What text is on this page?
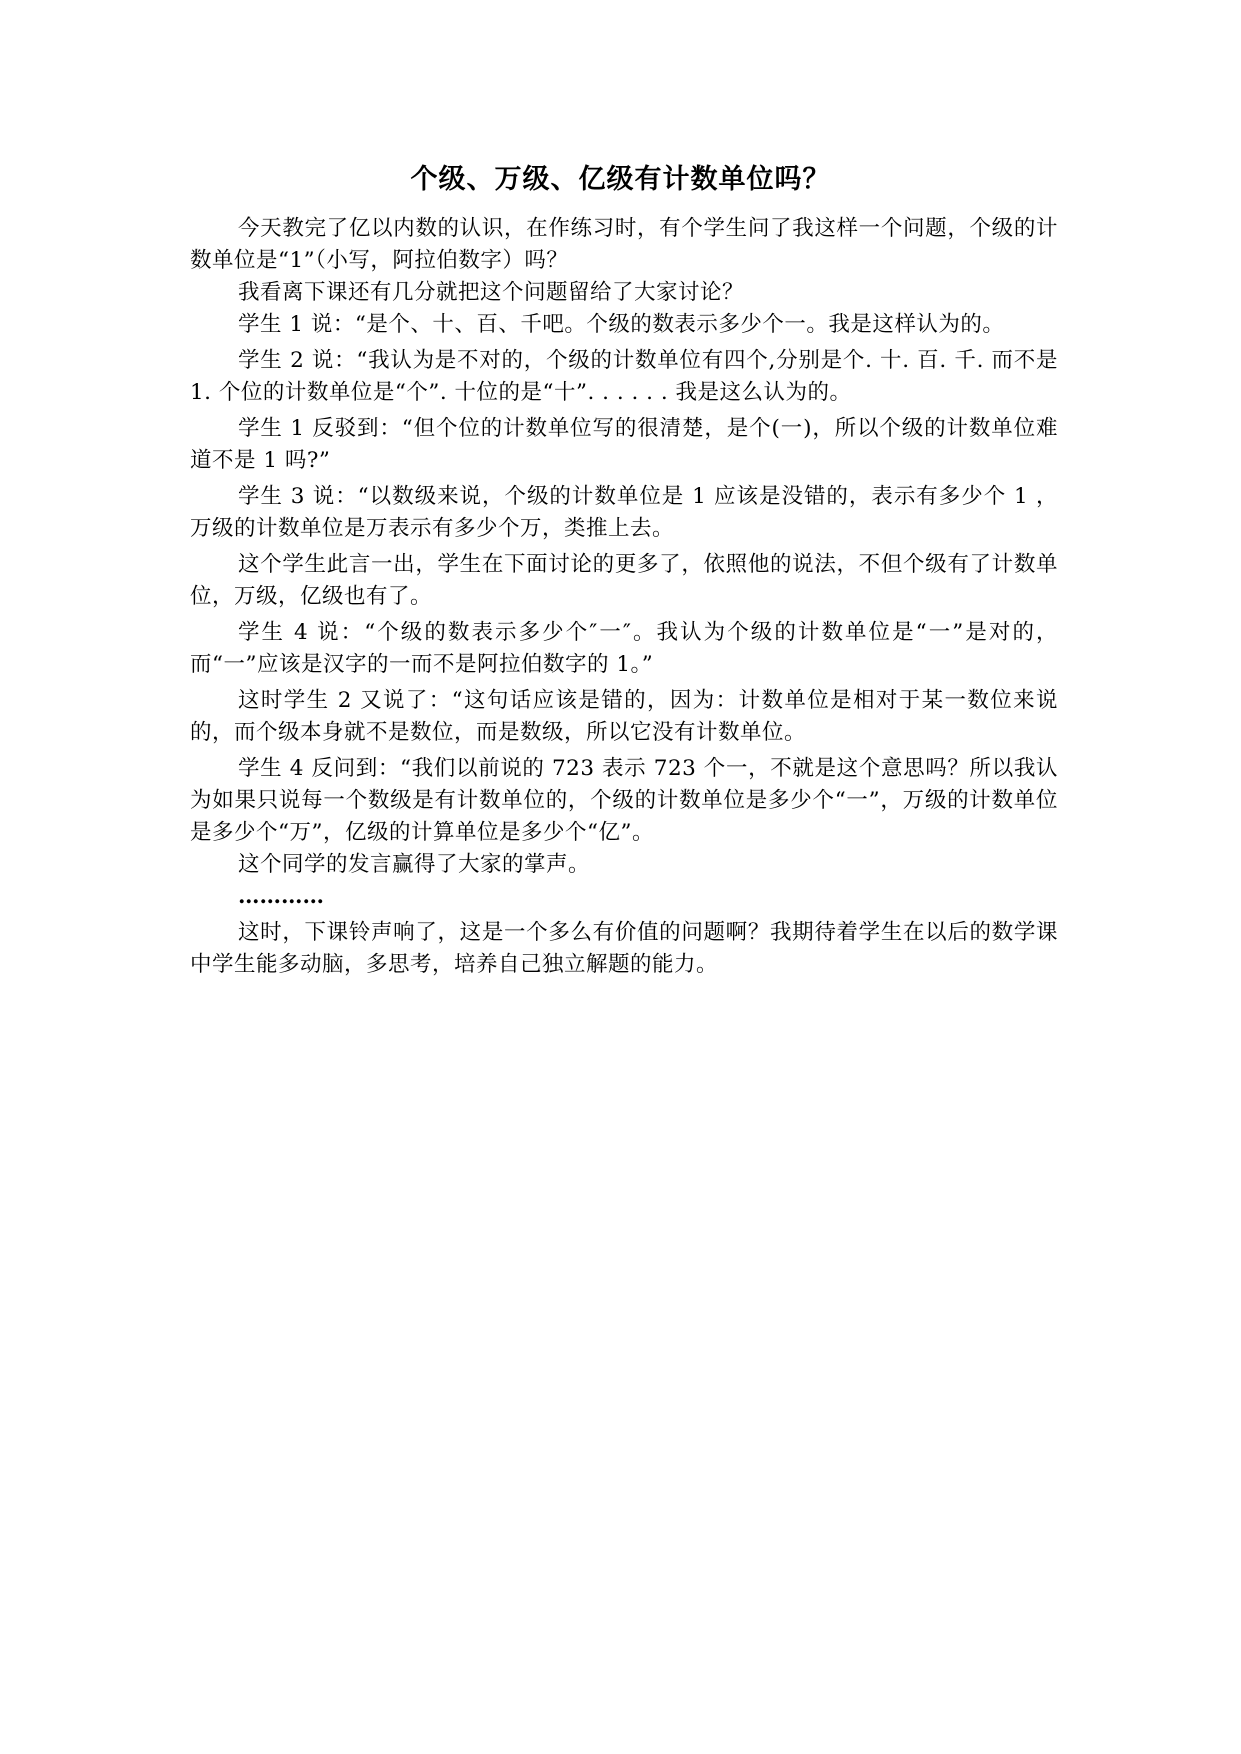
个级、万级、亿级有计数单位吗？

今天教完了亿以内数的认识，在作练习时，有个学生问了我这样一个问题，个级的计数单位是“1”（小写，阿拉伯数字）吗？

我看离下课还有几分就把这个问题留给了大家讨论？

学生 1 说：“是个、十、百、千吧。个级的数表示多少个一。我是这样认为的。

学生 2 说：“我认为是不对的，个级的计数单位有四个,分别是个. 十. 百. 千. 而不是 1. 个位的计数单位是“个”. 十位的是“十”. . . . . . 我是这么认为的。

学生 1 反驳到：“但个位的计数单位写的很清楚，是个(一)，所以个级的计数单位难道不是 1 吗?”

学生 3 说：“以数级来说，个级的计数单位是 1 应该是没错的，表示有多少个 1 ，万级的计数单位是万表示有多少个万，类推上去。

这个学生此言一出，学生在下面讨论的更多了，依照他的说法，不但个级有了计数单位，万级，亿级也有了。

学生 4 说：“个级的数表示多少个″一″。我认为个级的计数单位是“一”是对的，而“一”应该是汉字的一而不是阿拉伯数字的 1。”

这时学生 2 又说了：“这句话应该是错的，因为：计数单位是相对于某一数位来说的，而个级本身就不是数位，而是数级，所以它没有计数单位。

学生 4 反问到：“我们以前说的 723 表示 723 个一，不就是这个意思吗？所以我认为如果只说每一个数级是有计数单位的，个级的计数单位是多少个“一”，万级的计数单位是多少个“万”，亿级的计算单位是多少个“亿”。

这个同学的发言赢得了大家的掌声。

…………

这时，下课铃声响了，这是一个多么有价值的问题啊？我期待着学生在以后的数学课中学生能多动脑，多思考，培养自己独立解题的能力。
